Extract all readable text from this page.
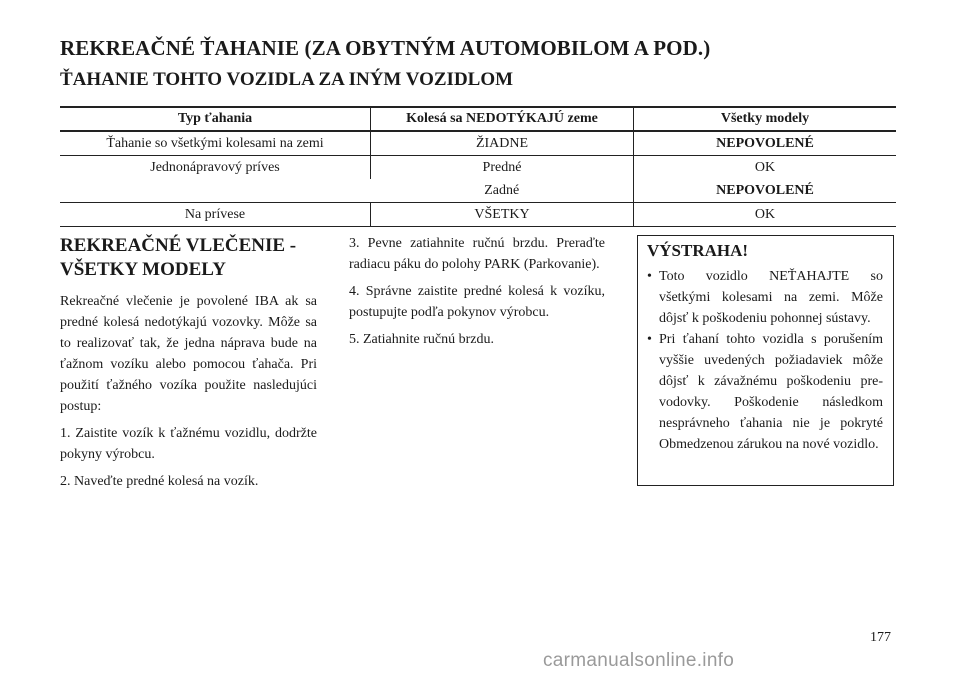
REKREAČNÉ ŤAHANIE (ZA OBYTNÝM AUTOMOBILOM A POD.)
ŤAHANIE TOHTO VOZIDLA ZA INÝM VOZIDLOM
Typ ťahania	Kolesá sa NEDOTÝKAJÚ zeme	Všetky modely
Ťahanie so všetkými kolesami na zemi	ŽIADNE	NEPOVOLENÉ
Jednonápravový príves	Predné	OK
	Zadné	NEPOVOLENÉ
Na prívese	VŠETKY	OK
REKREAČNÉ VLEČENIE - VŠETKY MODELY

Rekreačné vlečenie je povolené IBA ak sa predné kolesá nedotýkajú vozovky. Môže sa to realizovať tak, že jedna náprava bude na ťažnom vozíku alebo pomocou ťahača. Pri použití ťažného vozíka použite nasledujúci postup:

1. Zaistite vozík k ťažnému vozidlu, dodržte pokyny výrobcu.

2. Naveďte predné kolesá na vozík.

3. Pevne zatiahnite ručnú brzdu. Preraďte radiacu páku do polohy PARK (Parkovanie).

4. Správne zaistite predné kolesá k vozíku, postupujte podľa pokynov výrobcu.

5. Zatiahnite ručnú brzdu.

VÝSTRAHA!
• Toto vozidlo NEŤAHAJTE so všetkými kolesami na zemi. Môže dôjsť k poškodeniu pohonnej sústavy.
• Pri ťahaní tohto vozidla s porušením vyššie uvedených požiadaviek môže dôjsť k závažnému poškodeniu prevodovky. Poškodenie následkom nesprávneho ťahania nie je pokryté Obmedzenou zárukou na nové vozidlo.
177
carmanualsonline.info
